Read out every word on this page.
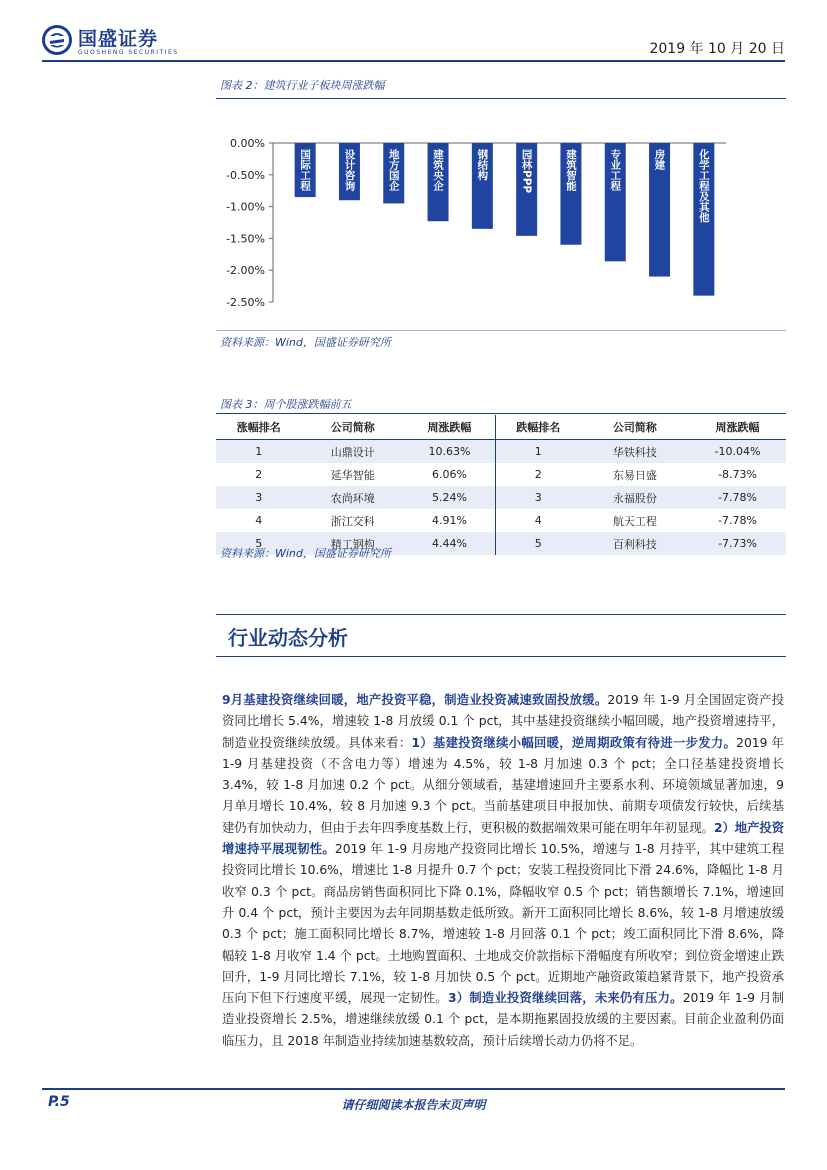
国盛证券
GUOSHENG SECURITIES	2019 年 10 月 20 日
图表 2：建筑行业子板块周涨跌幅
0.00%
-0.50%
-1.00%
-1.50%
-2.00%
-2.50%
国际工程	设计咨询	地方国企	建筑央企	钢结构	园林PPP	建筑智能	专业工程	房建	化学工程及其他
资料来源：Wind，国盛证券研究所
图表 3：周个股涨跌幅前五
涨幅排名	公司简称	周涨跌幅	跌幅排名	公司简称	周涨跌幅
1	山鼎设计	10.63%	1	华铁科技	-10.04%
2	延华智能	6.06%	2	东易日盛	-8.73%
3	农尚环境	5.24%	3	永福股份	-7.78%
4	浙江交科	4.91%	4	航天工程	-7.78%
5	精工钢构	4.44%	5	百利科技	-7.73%
资料来源：Wind，国盛证券研究所
行业动态分析
9月基建投资继续回暖，地产投资平稳，制造业投资减速致固投放缓。2019 年 1-9 月全国固定资产投资同比增长 5.4%，增速较 1-8 月放缓 0.1 个 pct，其中基建投资继续小幅回暖，地产投资增速持平，制造业投资继续放缓。具体来看：1）基建投资继续小幅回暖，逆周期政策有待进一步发力。2019 年 1-9 月基建投资（不含电力等）增速为 4.5%，较 1-8 月加速 0.3 个 pct；全口径基建投资增长 3.4%，较 1-8 月加速 0.2 个 pct。从细分领域看，基建增速回升主要系水利、环境领域显著加速，9 月单月增长 10.4%，较 8 月加速 9.3 个 pct。当前基建项目申报加快、前期专项债发行较快，后续基建仍有加快动力，但由于去年四季度基数上行，更积极的数据端效果可能在明年年初显现。2）地产投资增速持平展现韧性。2019 年 1-9 月房地产投资同比增长 10.5%，增速与 1-8 月持平，其中建筑工程投资同比增长 10.6%，增速比 1-8 月提升 0.7 个 pct；安装工程投资同比下滑 24.6%，降幅比 1-8 月收窄 0.3 个 pct。商品房销售面积同比下降 0.1%，降幅收窄 0.5 个 pct；销售额增长 7.1%，增速回升 0.4 个 pct，预计主要因为去年同期基数走低所致。新开工面积同比增长 8.6%，较 1-8 月增速放缓 0.3 个 pct；施工面积同比增长 8.7%，增速较 1-8 月回落 0.1 个 pct；竣工面积同比下滑 8.6%，降幅较 1-8 月收窄 1.4 个 pct。土地购置面积、土地成交价款指标下滑幅度有所收窄；到位资金增速止跌回升，1-9 月同比增长 7.1%，较 1-8 月加快 0.5 个 pct。近期地产融资政策趋紧背景下，地产投资承压向下但下行速度平缓，展现一定韧性。3）制造业投资继续回落，未来仍有压力。2019 年 1-9 月制造业投资增长 2.5%，增速继续放缓 0.1 个 pct，是本期拖累固投放缓的主要因素。目前企业盈利仍面临压力，且 2018 年制造业持续加速基数较高，预计后续增长动力仍将不足。
P.5	请仔细阅读本报告末页声明
